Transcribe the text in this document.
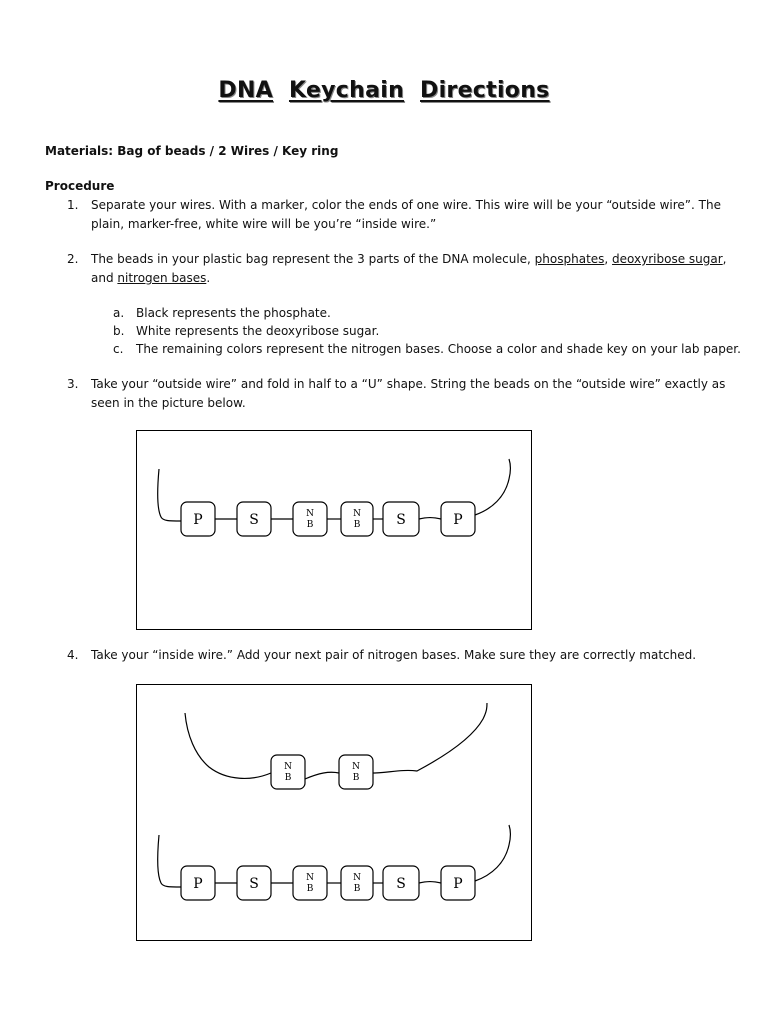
DNA Keychain Directions
Materials: Bag of beads / 2 Wires / Key ring
Procedure
1. Separate your wires. With a marker, color the ends of one wire. This wire will be your “outside wire”. The plain, marker-free, white wire will be you’re “inside wire.”
2. The beads in your plastic bag represent the 3 parts of the DNA molecule, phosphates, deoxyribose sugar, and nitrogen bases.
a. Black represents the phosphate.
b. White represents the deoxyribose sugar.
c. The remaining colors represent the nitrogen bases. Choose a color and shade key on your lab paper.
3. Take your “outside wire” and fold in half to a “U” shape. String the beads on the “outside wire” exactly as seen in the picture below.
P	S	N
B
N
B	S	P
4. Take your “inside wire.” Add your next pair of nitrogen bases. Make sure they are correctly matched.
N
B
N
B
P	S	N
B
N
B	S	P
